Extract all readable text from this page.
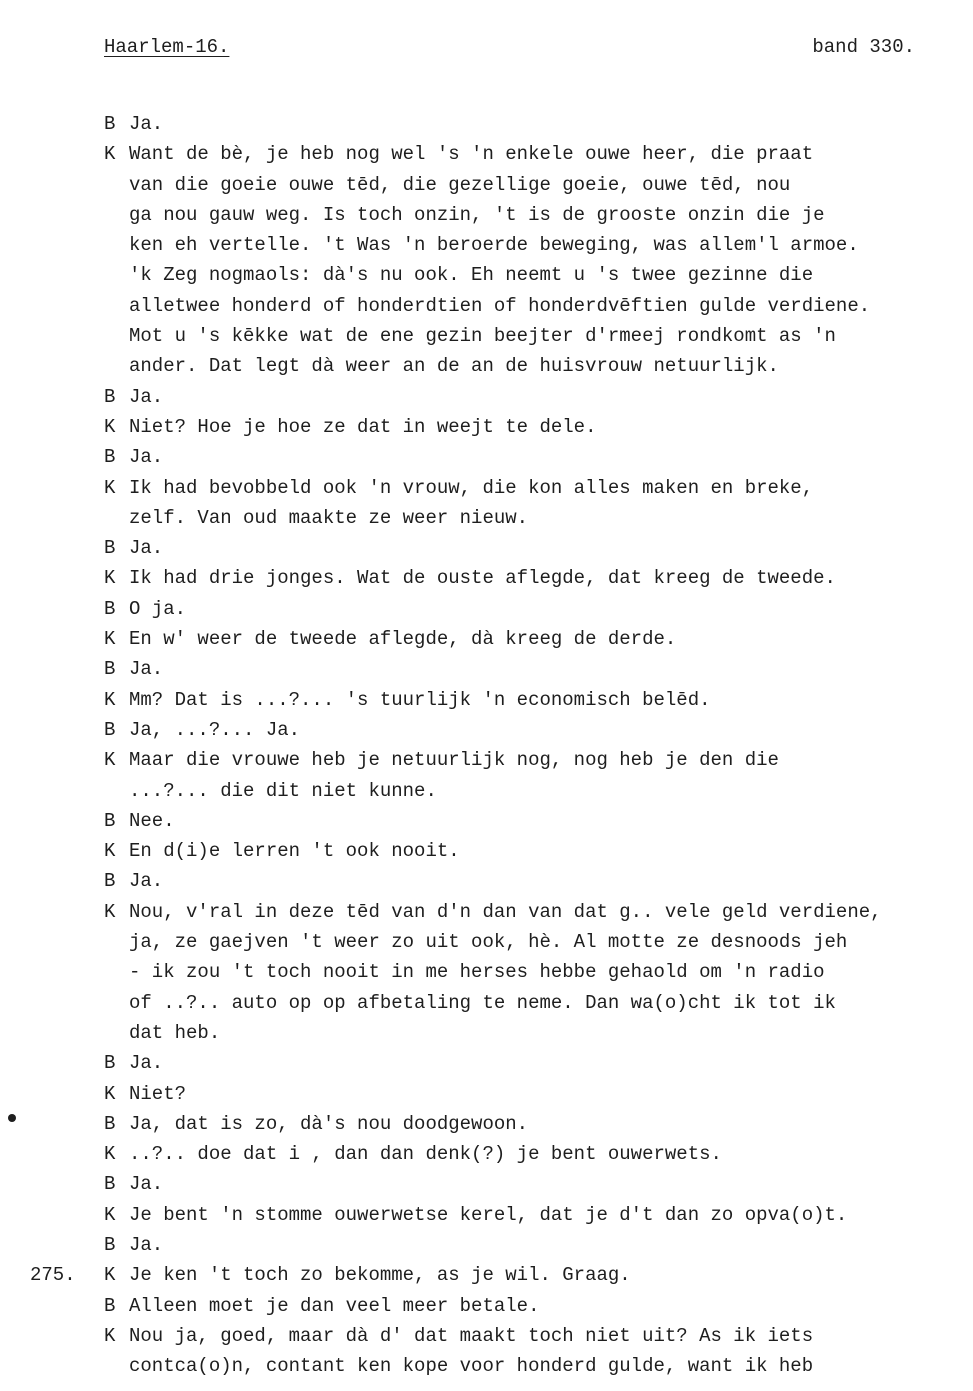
Haarlem-16.	band 330.
B Ja.
K Want de bè, je heb nog wel 's 'n enkele ouwe heer, die praat
van die goeie ouwe tēd, die gezellige goeie, ouwe tēd, nou
ga nou gauw weg. Is toch onzin, 't is de grooste onzin die je
ken eh vertelle. 't Was 'n beroerde beweging, was allem'l armoe.
'k Zeg nogmaols: dà's nu ook. Eh neemt u 's twee gezinne die
alletwee honderd of honderdtien of honderdvēftien gulde verdiene.
Mot u 's kēkke wat de ene gezin beejter d'rmeej rondkomt as 'n
ander. Dat legt dà weer an de an de huisvrouw netuurlijk.
B Ja.
K Niet? Hoe je hoe ze dat in weejt te dele.
B Ja.
K Ik had bevobbeld ook 'n vrouw, die kon alles maken en breke,
zelf. Van oud maakte ze weer nieuw.
B Ja.
K Ik had drie jonges. Wat de ouste aflegde, dat kreeg de tweede.
B O ja.
K En w' weer de tweede aflegde, dà kreeg de derde.
B Ja.
K Mm? Dat is ...?... 's tuurlijk 'n economisch belēd.
B Ja, ...?... Ja.
K Maar die vrouwe heb je netuurlijk nog, nog heb je den die
...?... die dit niet kunne.
B Nee.
K En d(i)e lerren 't ook nooit.
B Ja.
K Nou, v'ral in deze tēd van d'n dan van dat g.. vele geld verdiene,
ja, ze gaejven 't weer zo uit ook, hè. Al motte ze desnoods jeh
- ik zou 't toch nooit in me herses hebbe gehaold om 'n radio
of ..?.. auto op op afbetaling te neme. Dan wa(o)cht ik tot ik
dat heb.
B Ja.
K Niet?
B Ja, dat is zo, dà's nou doodgewoon.
K ..?.. doe dat i , dan dan denk(?) je bent ouwerwets.
B Ja.
K Je bent 'n stomme ouwerwetse kerel, dat je d't dan zo opva(o)t.
B Ja.
275. K Je ken 't toch zo bekomme, as je wil. Graag.
B Alleen moet je dan veel meer betale.
K Nou ja, goed, maar dà d' dat maakt toch niet uit? As ik iets
contca(o)n, contant ken kope voor honderd gulde, want ik heb
